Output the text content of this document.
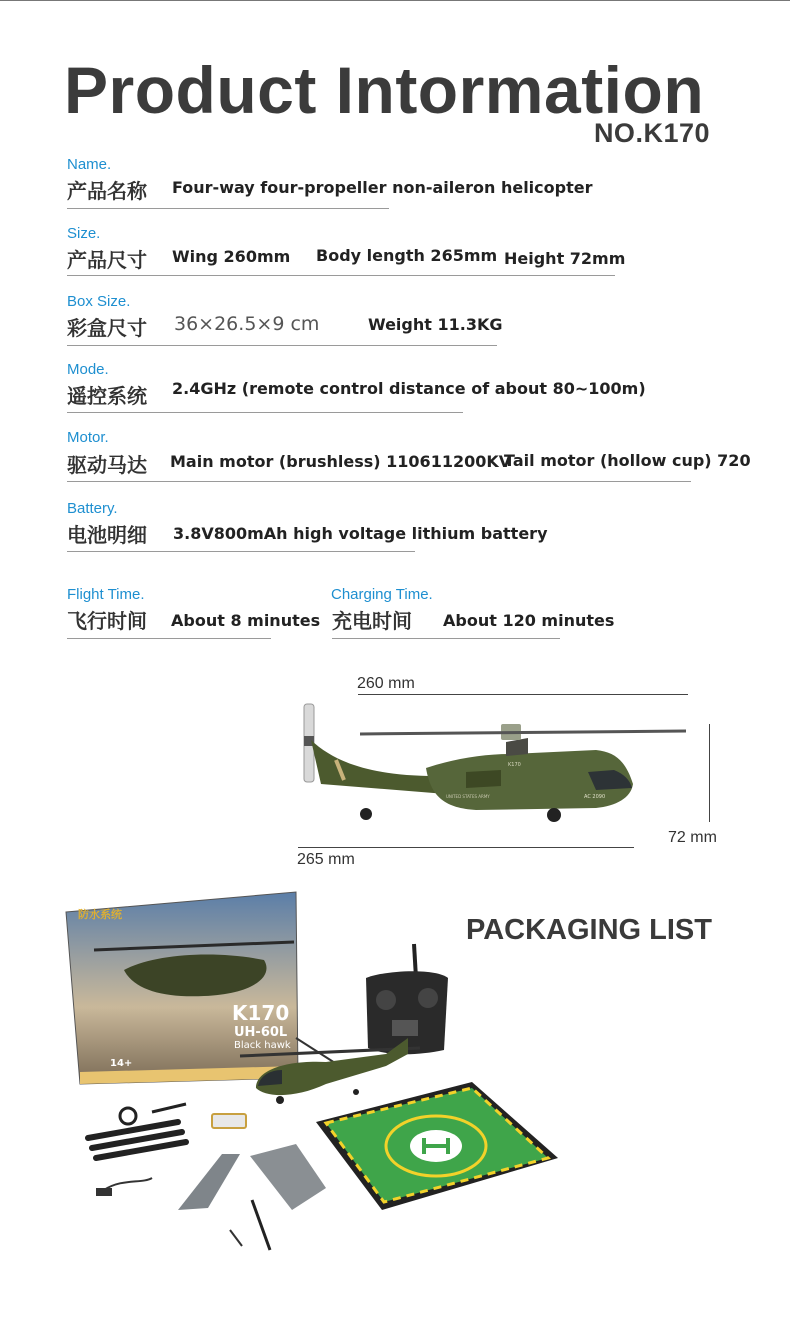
Product Intormation
NO.K170
Name.
产品名称 Four-way four-propeller non-aileron helicopter
Size.
产品尺寸 Wing 260mm Body length 265mm Height 72mm
Box Size.
彩盒尺寸 36×26.5×9 cm	Weight 11.3KG
Mode.
遥控系统 2.4GHz (remote control distance of about 80~100m)
Motor.
驱动马达 Main motor (brushless) 110611200KV
Tail motor (hollow cup) 720
Battery.
电池明细 3.8V800mAh high voltage lithium battery
Flight Time.
飞行时间 About 8 minutes
Charging Time.
充电时间 About 120 minutes
260 mm
72 mm
265 mm
UNITED STATES ARMY
K170
AC 2090
PACKAGING LIST
防水系统
K170
UH-60L
Black hawk
14+
